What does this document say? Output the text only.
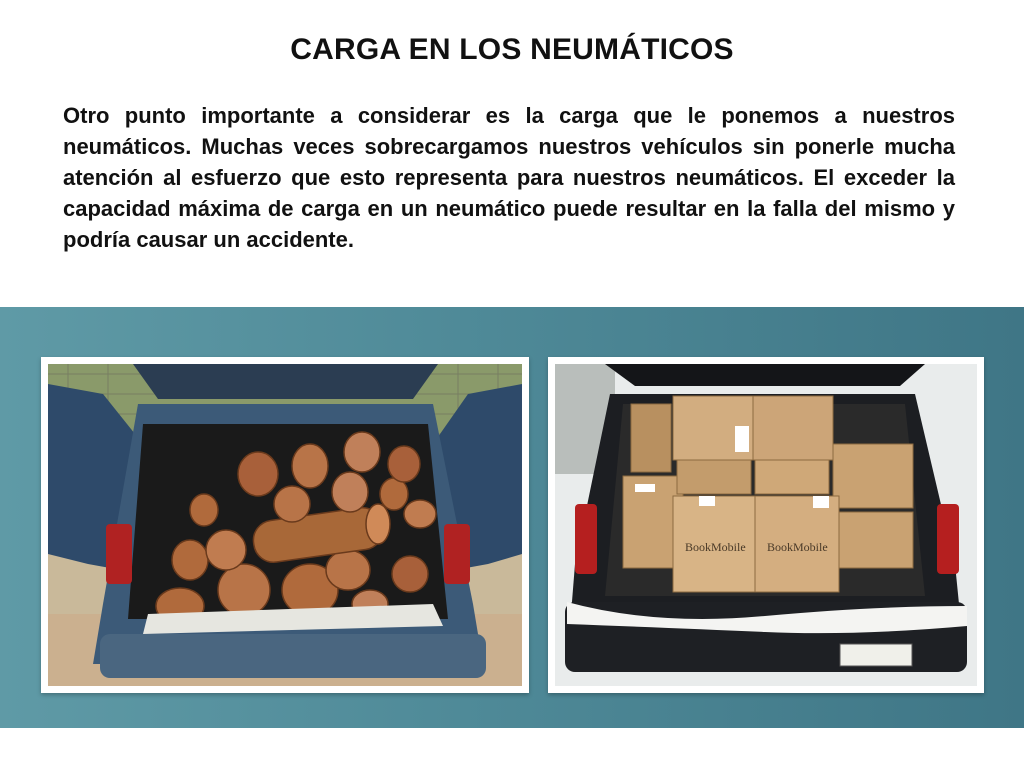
CARGA EN LOS NEUMÁTICOS
Otro punto importante a considerar es la carga que le ponemos a nuestros neumáticos. Muchas veces sobrecargamos nuestros vehículos sin ponerle mucha atención al esfuerzo que esto representa para nuestros neumáticos. El exceder la capacidad máxima de carga en un neumático puede resultar en la falla del mismo y podría causar un accidente.
BookMobile BookMobile
